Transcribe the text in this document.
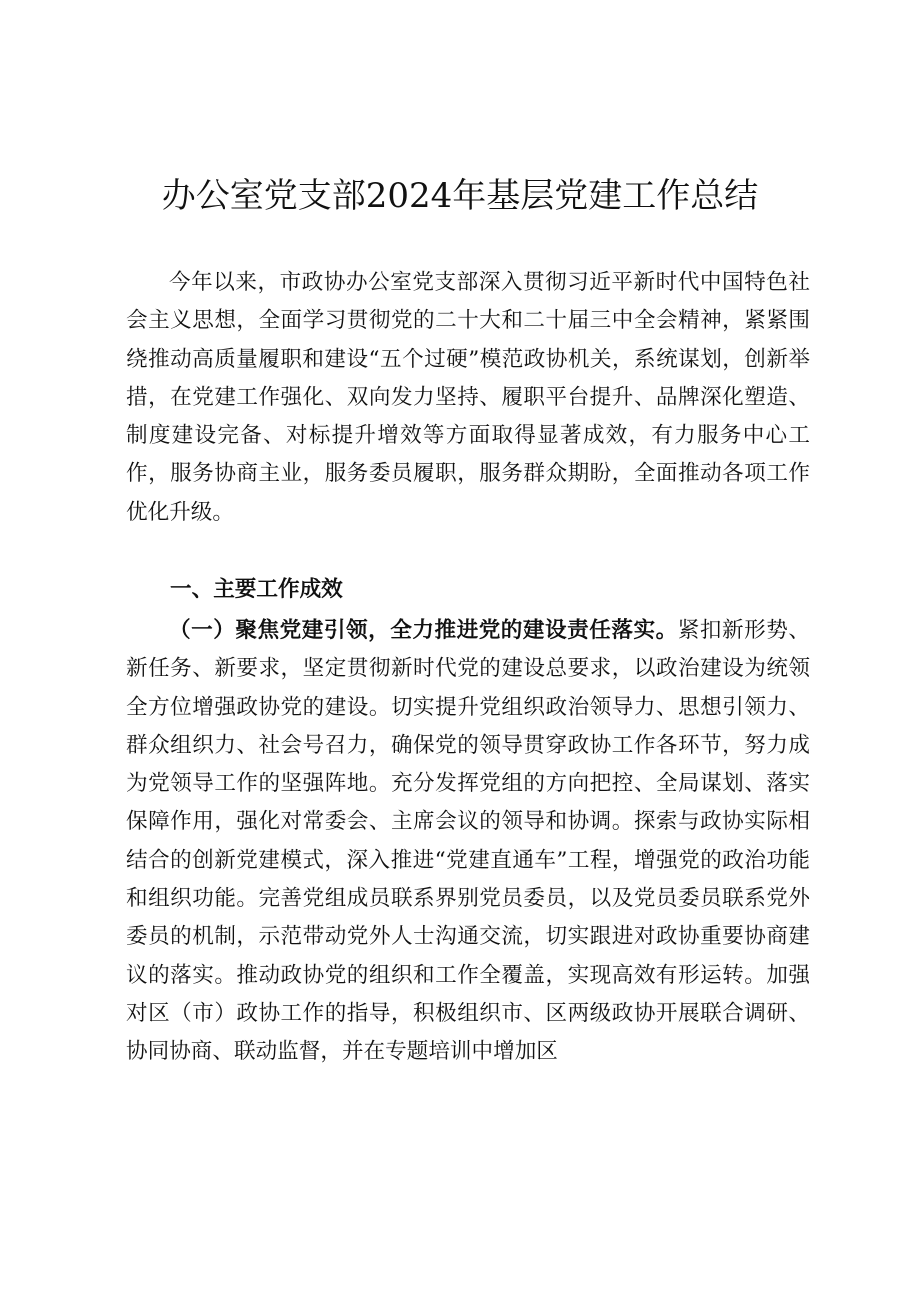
办公室党支部2024年基层党建工作总结

今年以来，市政协办公室党支部深入贯彻习近平新时代中国特色社会主义思想，全面学习贯彻党的二十大和二十届三中全会精神，紧紧围绕推动高质量履职和建设“五个过硬”模范政协机关，系统谋划，创新举措，在党建工作强化、双向发力坚持、履职平台提升、品牌深化塑造、制度建设完备、对标提升增效等方面取得显著成效，有力服务中心工作，服务协商主业，服务委员履职，服务群众期盼，全面推动各项工作优化升级。

一、主要工作成效

（一）聚焦党建引领，全力推进党的建设责任落实。紧扣新形势、新任务、新要求，坚定贯彻新时代党的建设总要求，以政治建设为统领全方位增强政协党的建设。切实提升党组织政治领导力、思想引领力、群众组织力、社会号召力，确保党的领导贯穿政协工作各环节，努力成为党领导工作的坚强阵地。充分发挥党组的方向把控、全局谋划、落实保障作用，强化对常委会、主席会议的领导和协调。探索与政协实际相结合的创新党建模式，深入推进“党建直通车”工程，增强党的政治功能和组织功能。完善党组成员联系界别党员委员，以及党员委员联系党外委员的机制，示范带动党外人士沟通交流，切实跟进对政协重要协商建议的落实。推动政协党的组织和工作全覆盖，实现高效有形运转。加强对区（市）政协工作的指导，积极组织市、区两级政协开展联合调研、协同协商、联动监督，并在专题培训中增加区
